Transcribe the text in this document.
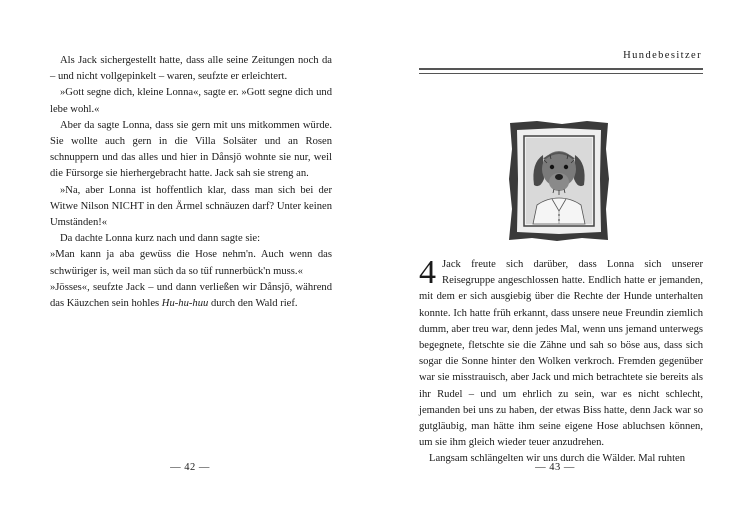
Als Jack sichergestellt hatte, dass alle seine Zeitungen noch da – und nicht vollgepinkelt – waren, seufzte er erleichtert.

»Gott segne dich, kleine Lonna«, sagte er. »Gott segne dich und lebe wohl.«

Aber da sagte Lonna, dass sie gern mit uns mitkommen würde. Sie wollte auch gern in die Villa Solsäter und an Rosen schnuppern und das alles und hier in Dånsjö wohnte sie nur, weil die Fürsorge sie hierhergebracht hatte. Jack sah sie streng an.

»Na, aber Lonna ist hoffentlich klar, dass man sich bei der Witwe Nilson NICHT in den Ärmel schnäuzen darf? Unter keinen Umständen!«

Da dachte Lonna kurz nach und dann sagte sie:

»Man kann ja aba gewüss die Hose nehm'n. Auch wenn das schwüriger is, weil man süch da so tüf runnerbück'n muss.«

»Jösses«, seufzte Jack – und dann verließen wir Dånsjö, während das Käuzchen sein hohles Hu-hu-huu durch den Wald rief.

— 42 —
Hundebesitzer

4 Jack freute sich darüber, dass Lonna sich unserer Reisegruppe angeschlossen hatte. Endlich hatte er jemanden, mit dem er sich ausgiebig über die Rechte der Hunde unterhalten konnte. Ich hatte früh erkannt, dass unsere neue Freundin ziemlich dumm, aber treu war, denn jedes Mal, wenn uns jemand unterwegs begegnete, fletschte sie die Zähne und sah so böse aus, dass sich sogar die Sonne hinter den Wolken verkroch. Fremden gegenüber war sie misstrauisch, aber Jack und mich betrachtete sie bereits als ihr Rudel – und um ehrlich zu sein, war es nicht schlecht, jemanden bei uns zu haben, der etwas Biss hatte, denn Jack war so gutgläubig, man hätte ihm seine eigene Hose abluchsen können, um sie ihm gleich wieder teuer anzudrehen.

Langsam schlängelten wir uns durch die Wälder. Mal ruhten

— 43 —
